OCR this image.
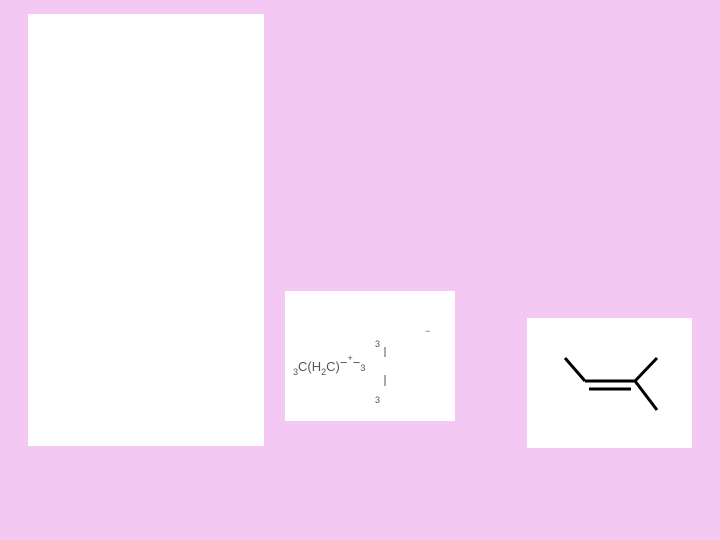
$_3$
−
$_3C(H_2C)-^+-_3$
$_3$
